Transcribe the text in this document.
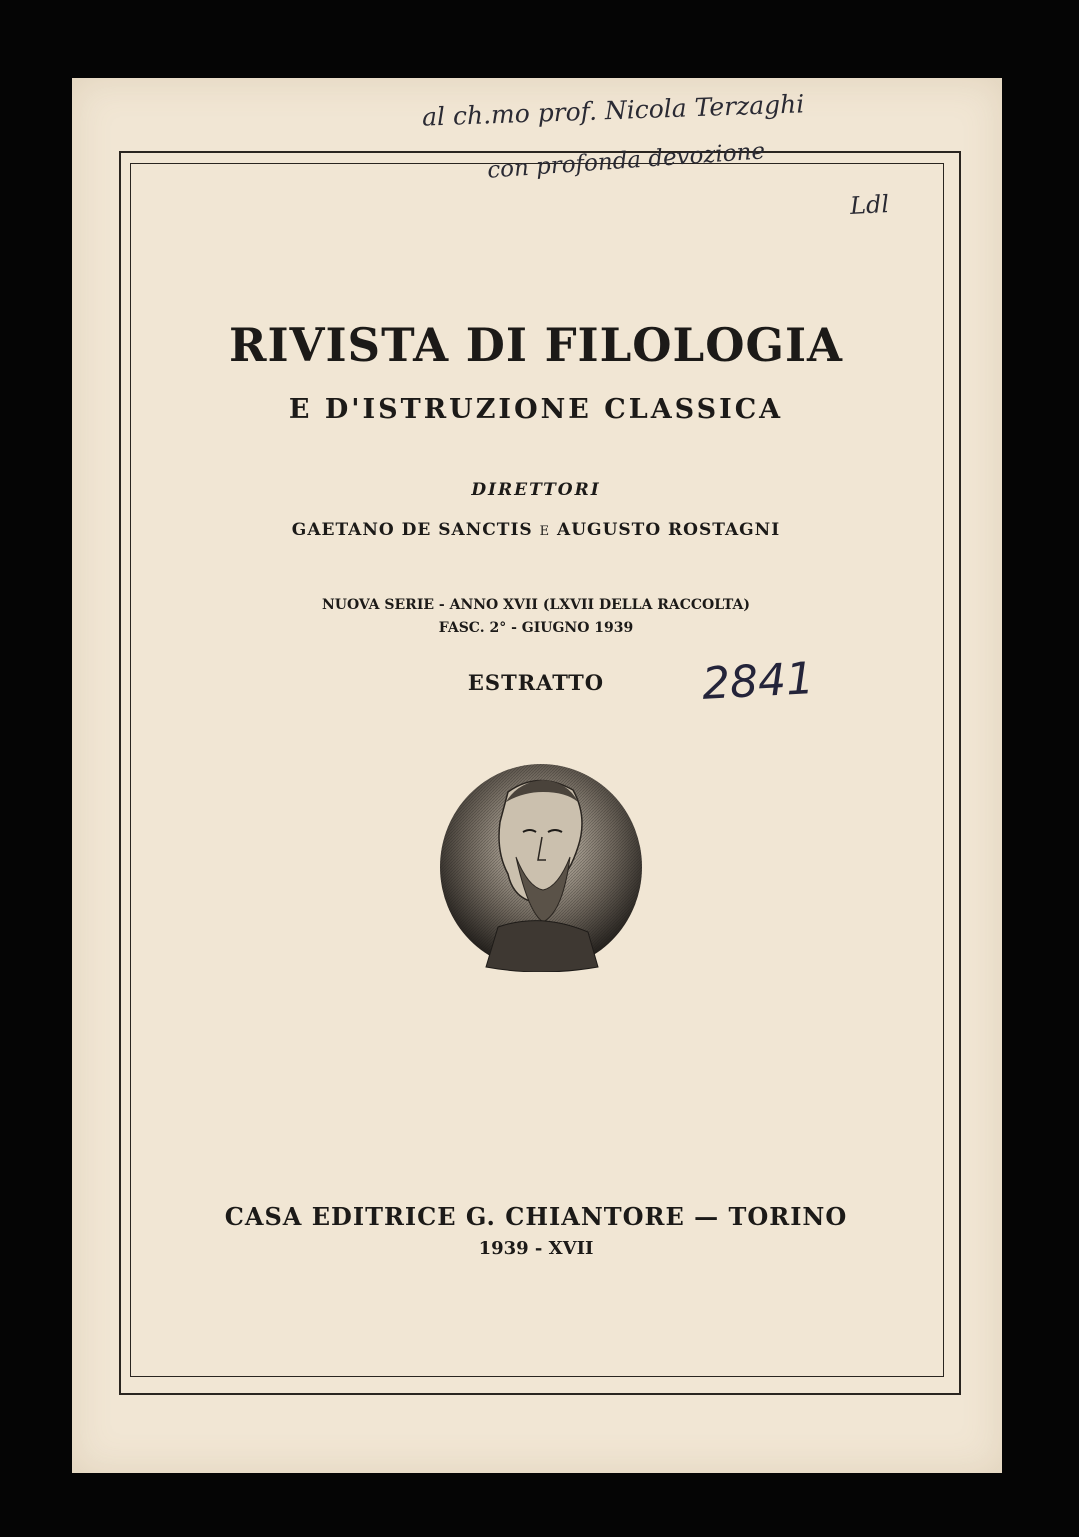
al ch.mo prof. Nicola Terzaghi
con profonda devozione
Ldl
RIVISTA DI FILOLOGIA
E D'ISTRUZIONE CLASSICA
DIRETTORI
GAETANO DE SANCTIS E AUGUSTO ROSTAGNI
NUOVA SERIE - ANNO XVII (LXVII DELLA RACCOLTA)
FASC. 2° - GIUGNO 1939
ESTRATTO	2841
CASA EDITRICE G. CHIANTORE — TORINO
1939 - XVII
